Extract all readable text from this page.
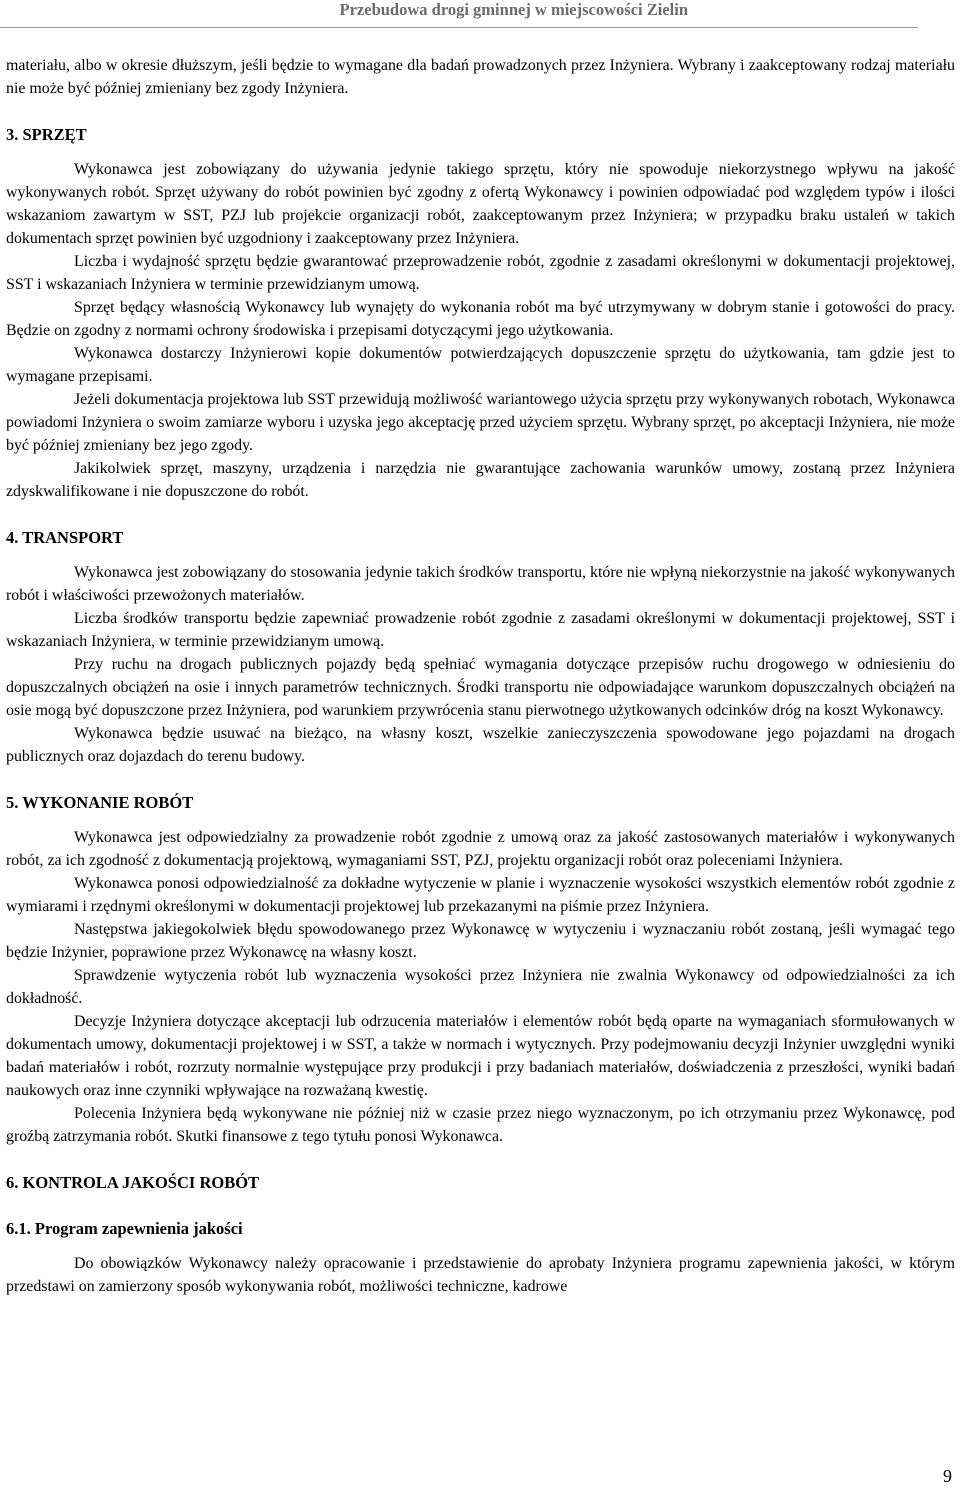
Przebudowa drogi gminnej w miejscowości Zielin

materiału, albo w okresie dłuższym, jeśli będzie to wymagane dla badań prowadzonych przez Inżyniera. Wybrany i zaakceptowany rodzaj materiału nie może być później zmieniany bez zgody Inżyniera.

3. SPRZĘT

Wykonawca jest zobowiązany do używania jedynie takiego sprzętu, który nie spowoduje niekorzystnego wpływu na jakość wykonywanych robót. Sprzęt używany do robót powinien być zgodny z ofertą Wykonawcy i powinien odpowiadać pod względem typów i ilości wskazaniom zawartym w SST, PZJ lub projekcie organizacji robót, zaakceptowanym przez Inżyniera; w przypadku braku ustaleń w takich dokumentach sprzęt powinien być uzgodniony i zaakceptowany przez Inżyniera.

Liczba i wydajność sprzętu będzie gwarantować przeprowadzenie robót, zgodnie z zasadami określonymi w dokumentacji projektowej, SST i wskazaniach Inżyniera w terminie przewidzianym umową.

Sprzęt będący własnością Wykonawcy lub wynajęty do wykonania robót ma być utrzymywany w dobrym stanie i gotowości do pracy. Będzie on zgodny z normami ochrony środowiska i przepisami dotyczącymi jego użytkowania.

Wykonawca dostarczy Inżynierowi kopie dokumentów potwierdzających dopuszczenie sprzętu do użytkowania, tam gdzie jest to wymagane przepisami.

Jeżeli dokumentacja projektowa lub SST przewidują możliwość wariantowego użycia sprzętu przy wykonywanych robotach, Wykonawca powiadomi Inżyniera o swoim zamiarze wyboru i uzyska jego akceptację przed użyciem sprzętu. Wybrany sprzęt, po akceptacji Inżyniera, nie może być później zmieniany bez jego zgody.

Jakikolwiek sprzęt, maszyny, urządzenia i narzędzia nie gwarantujące zachowania warunków umowy, zostaną przez Inżyniera zdyskwalifikowane i nie dopuszczone do robót.

4. TRANSPORT

Wykonawca jest zobowiązany do stosowania jedynie takich środków transportu, które nie wpłyną niekorzystnie na jakość wykonywanych robót i właściwości przewożonych materiałów.

Liczba środków transportu będzie zapewniać prowadzenie robót zgodnie z zasadami określonymi w dokumentacji projektowej, SST i wskazaniach Inżyniera, w terminie przewidzianym umową.

Przy ruchu na drogach publicznych pojazdy będą spełniać wymagania dotyczące przepisów ruchu drogowego w odniesieniu do dopuszczalnych obciążeń na osie i innych parametrów technicznych. Środki transportu nie odpowiadające warunkom dopuszczalnych obciążeń na osie mogą być dopuszczone przez Inżyniera, pod warunkiem przywrócenia stanu pierwotnego użytkowanych odcinków dróg na koszt Wykonawcy.

Wykonawca będzie usuwać na bieżąco, na własny koszt, wszelkie zanieczyszczenia spowodowane jego pojazdami na drogach publicznych oraz dojazdach do terenu budowy.

5. WYKONANIE ROBÓT

Wykonawca jest odpowiedzialny za prowadzenie robót zgodnie z umową oraz za jakość zastosowanych materiałów i wykonywanych robót, za ich zgodność z dokumentacją projektową, wymaganiami SST, PZJ, projektu organizacji robót oraz poleceniami Inżyniera.

Wykonawca ponosi odpowiedzialność za dokładne wytyczenie w planie i wyznaczenie wysokości wszystkich elementów robót zgodnie z wymiarami i rzędnymi określonymi w dokumentacji projektowej lub przekazanymi na piśmie przez Inżyniera.

Następstwa jakiegokolwiek błędu spowodowanego przez Wykonawcę w wytyczeniu i wyznaczaniu robót zostaną, jeśli wymagać tego będzie Inżynier, poprawione przez Wykonawcę na własny koszt.

Sprawdzenie wytyczenia robót lub wyznaczenia wysokości przez Inżyniera nie zwalnia Wykonawcy od odpowiedzialności za ich dokładność.

Decyzje Inżyniera dotyczące akceptacji lub odrzucenia materiałów i elementów robót będą oparte na wymaganiach sformułowanych w dokumentach umowy, dokumentacji projektowej i w SST, a także w normach i wytycznych. Przy podejmowaniu decyzji Inżynier uwzględni wyniki badań materiałów i robót, rozrzuty normalnie występujące przy produkcji i przy badaniach materiałów, doświadczenia z przeszłości, wyniki badań naukowych oraz inne czynniki wpływające na rozważaną kwestię.

Polecenia Inżyniera będą wykonywane nie później niż w czasie przez niego wyznaczonym, po ich otrzymaniu przez Wykonawcę, pod groźbą zatrzymania robót. Skutki finansowe z tego tytułu ponosi Wykonawca.

6. KONTROLA JAKOŚCI ROBÓT
6.1. Program zapewnienia jakości

Do obowiązków Wykonawcy należy opracowanie i przedstawienie do aprobaty Inżyniera programu zapewnienia jakości, w którym przedstawi on zamierzony sposób wykonywania robót, możliwości techniczne, kadrowe

9
